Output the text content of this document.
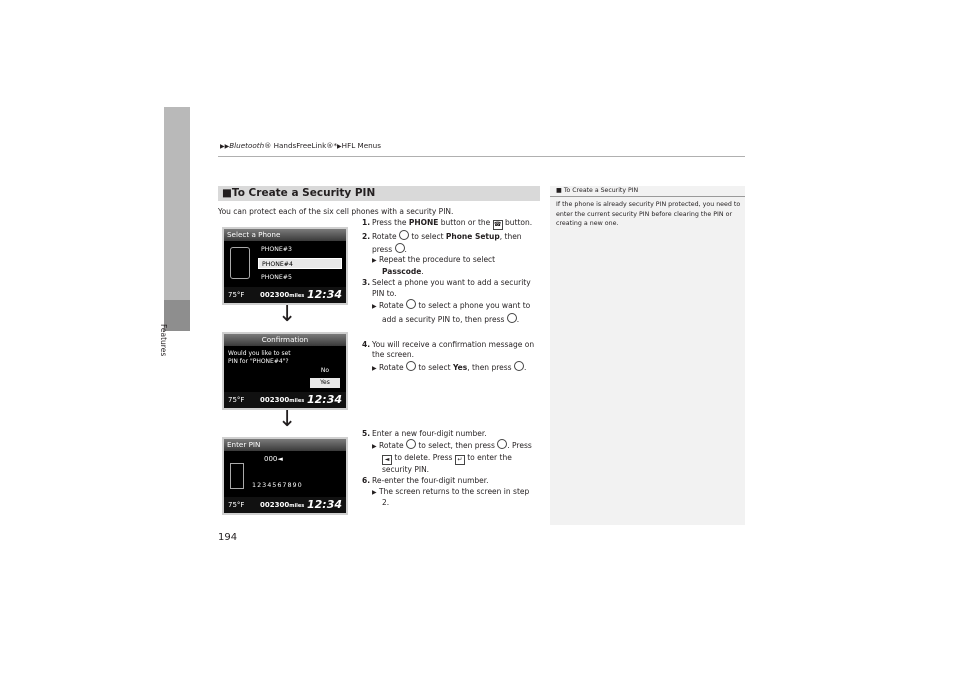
Features
▶▶Bluetooth® HandsFreeLink®*▶HFL Menus
■To Create a Security PIN	■ To Create a Security PIN
If the phone is already security PIN protected, you need to enter the current security PIN before clearing the PIN or creating a new one.
You can protect each of the six cell phones with a security PIN.
Select a Phone
PHONE#3
PHONE#4
PHONE#5
75°F 002300miles 12:34
↓
Confirmation
Would you like to set PIN for "PHONE#4"?
No
Yes
75°F 002300miles 12:34
↓
Enter PIN
000◄
1234567890
75°F 002300miles 12:34

1. Press the PHONE button or the ☎ button.

2. Rotate  to select Phone Setup, then

press .

▶ Repeat the procedure to select

Passcode.

3. Select a phone you want to add a security

PIN to.

▶ Rotate  to select a phone you want to

add a security PIN to, then press .

4. You will receive a confirmation message on

the screen.

▶ Rotate  to select Yes, then press .

5. Enter a new four-digit number.

▶ Rotate  to select, then press . Press

◄ to delete. Press ↵ to enter the

security PIN.

6. Re-enter the four-digit number.

▶ The screen returns to the screen in step

2.

194
